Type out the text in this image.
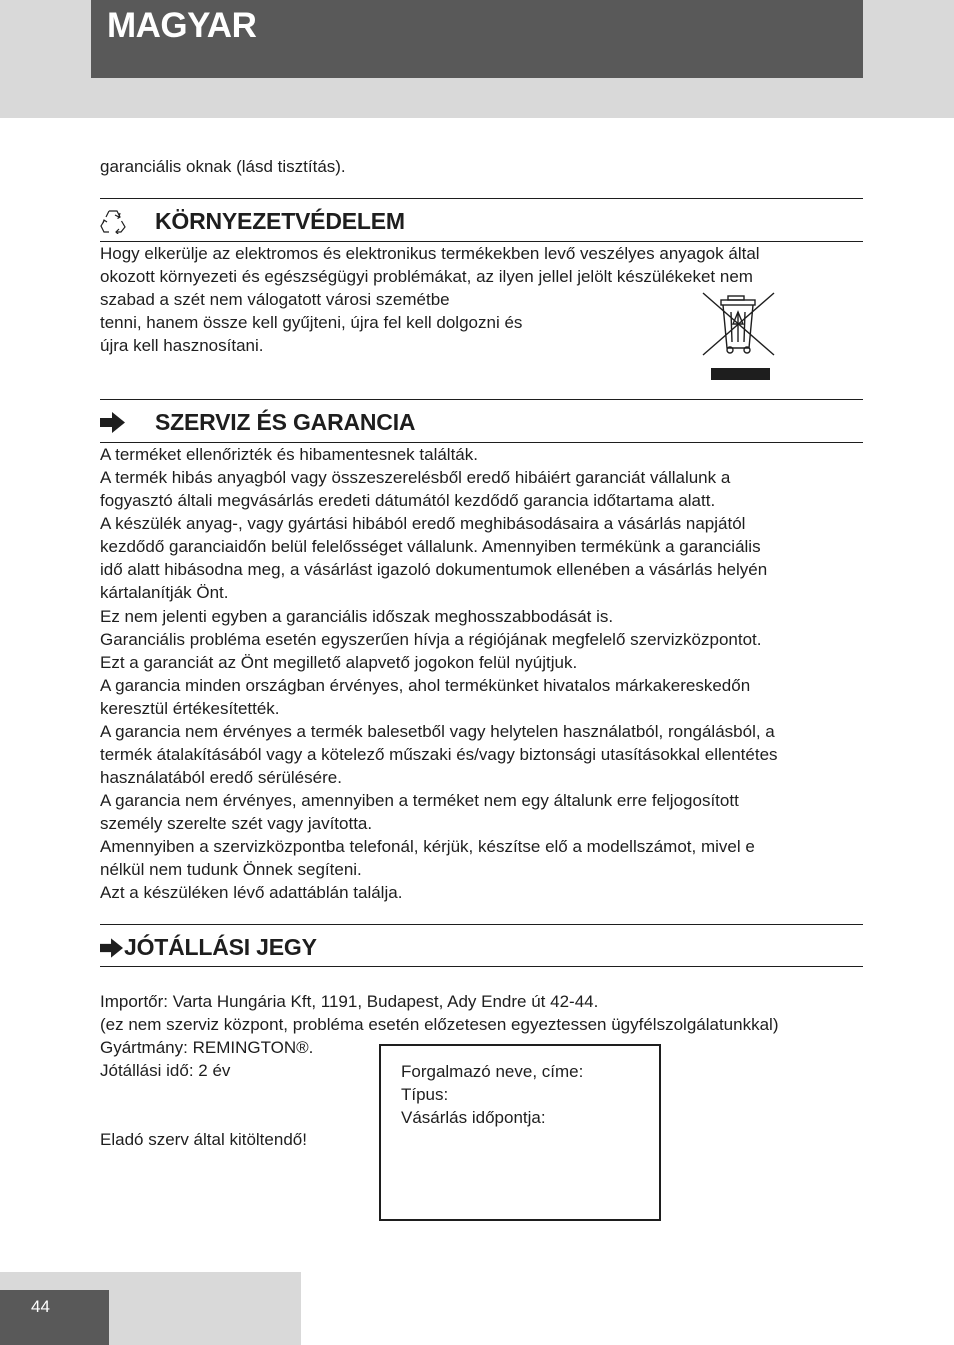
MAGYAR

garanciális oknak (lásd tisztítás).

KÖRNYEZETVÉDELEM

Hogy elkerülje az elektromos és elektronikus termékekben levő veszélyes anyagok által

okozott környezeti és egészségügyi problémákat, az ilyen jellel jelölt készülékeket nem

szabad a szét nem válogatott városi szemétbe

tenni, hanem össze kell gyűjteni, újra fel kell dolgozni és

újra kell hasznosítani.

SZERVIZ ÉS GARANCIA

A terméket ellenőrizték és hibamentesnek találták.

A termék hibás anyagból vagy összeszerelésből eredő hibáiért garanciát vállalunk a

fogyasztó általi megvásárlás eredeti dátumától kezdődő garancia időtartama alatt.

A készülék anyag-, vagy gyártási hibából eredő meghibásodásaira a vásárlás napjától

kezdődő garanciaidőn belül felelősséget vállalunk. Amennyiben termékünk a garanciális

idő alatt hibásodna meg, a vásárlást igazoló dokumentumok ellenében a vásárlás helyén

kártalanítják Önt.

Ez nem jelenti egyben a garanciális időszak meghosszabbodását is.

Garanciális probléma esetén egyszerűen hívja a régiójának megfelelő szervizközpontot.

Ezt a garanciát az Önt megillető alapvető jogokon felül nyújtjuk.

A garancia minden országban érvényes, ahol termékünket hivatalos márkakereskedőn

keresztül értékesítették.

A garancia nem érvényes a termék balesetből vagy helytelen használatból, rongálásból, a

termék átalakításából vagy a kötelező műszaki és/vagy biztonsági utasításokkal ellentétes

használatából eredő sérülésére.

A garancia nem érvényes, amennyiben a terméket nem egy általunk erre feljogosított

személy szerelte szét vagy javította.

Amennyiben a szervizközpontba telefonál, kérjük, készítse elő a modellszámot, mivel e

nélkül nem tudunk Önnek segíteni.

Azt a készüléken lévő adattáblán találja.

JÓTÁLLÁSI JEGY

Importőr: Varta Hungária Kft, 1191, Budapest, Ady Endre út 42-44.

(ez nem szerviz központ, probléma esetén előzetesen egyeztessen ügyfélszolgálatunkkal)

Gyártmány: REMINGTON®.

Jótállási idő: 2 év

Eladó szerv által kitöltendő!

Forgalmazó neve, címe:

Típus:

Vásárlás időpontja:

44
